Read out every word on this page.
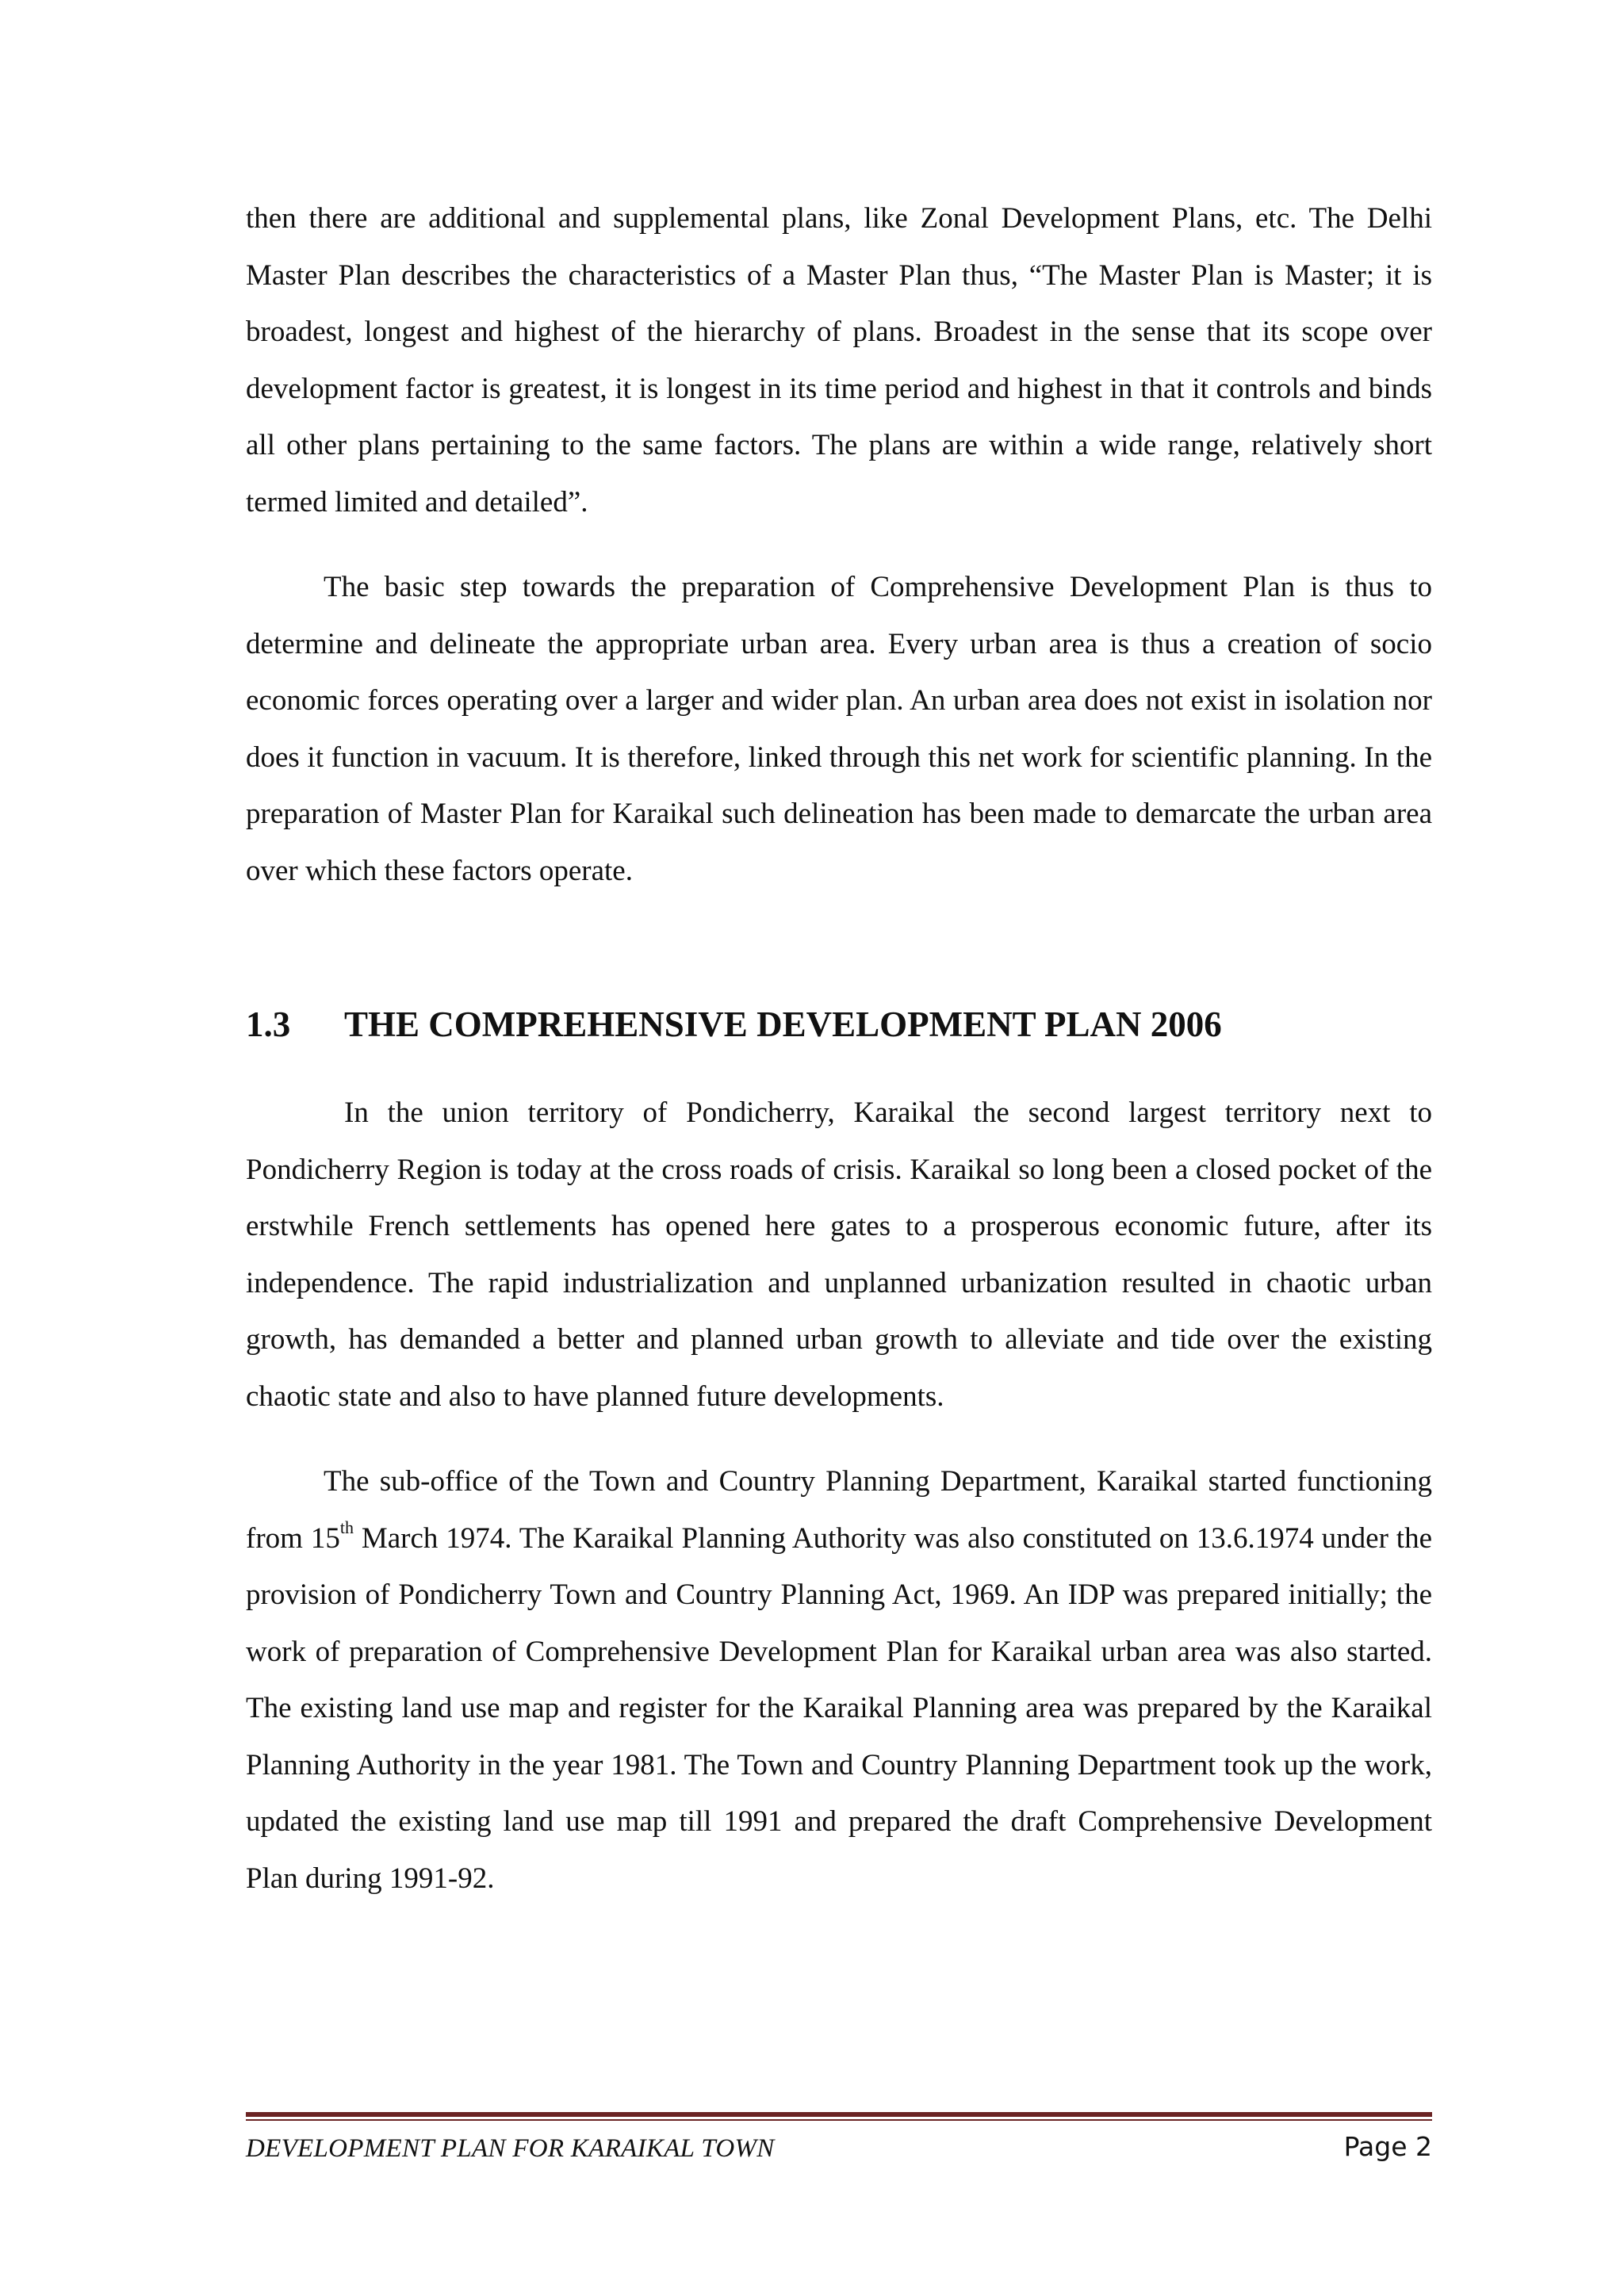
then there are additional and supplemental plans, like Zonal Development Plans, etc. The Delhi Master Plan describes the characteristics of a Master Plan thus, “The Master Plan is Master; it is broadest, longest and highest of the hierarchy of plans. Broadest in the sense that its scope over development factor is greatest, it is longest in its time period and highest in that it controls and binds all other plans pertaining to the same factors. The plans are within a wide range, relatively short termed limited and detailed”.

The basic step towards the preparation of Comprehensive Development Plan is thus to determine and delineate the appropriate urban area. Every urban area is thus a creation of socio economic forces operating over a larger and wider plan. An urban area does not exist in isolation nor does it function in vacuum. It is therefore, linked through this net work for scientific planning. In the preparation of Master Plan for Karaikal such delineation has been made to demarcate the urban area over which these factors operate.

1.3 THE COMPREHENSIVE DEVELOPMENT PLAN 2006

In the union territory of Pondicherry, Karaikal the second largest territory next to Pondicherry Region is today at the cross roads of crisis. Karaikal so long been a closed pocket of the erstwhile French settlements has opened here gates to a prosperous economic future, after its independence. The rapid industrialization and unplanned urbanization resulted in chaotic urban growth, has demanded a better and planned urban growth to alleviate and tide over the existing chaotic state and also to have planned future developments.

The sub-office of the Town and Country Planning Department, Karaikal started functioning from 15th March 1974. The Karaikal Planning Authority was also constituted on 13.6.1974 under the provision of Pondicherry Town and Country Planning Act, 1969. An IDP was prepared initially; the work of preparation of Comprehensive Development Plan for Karaikal urban area was also started. The existing land use map and register for the Karaikal Planning area was prepared by the Karaikal Planning Authority in the year 1981. The Town and Country Planning Department took up the work, updated the existing land use map till 1991 and prepared the draft Comprehensive Development Plan during 1991-92.

DEVELOPMENT PLAN FOR KARAIKAL TOWN	Page 2
